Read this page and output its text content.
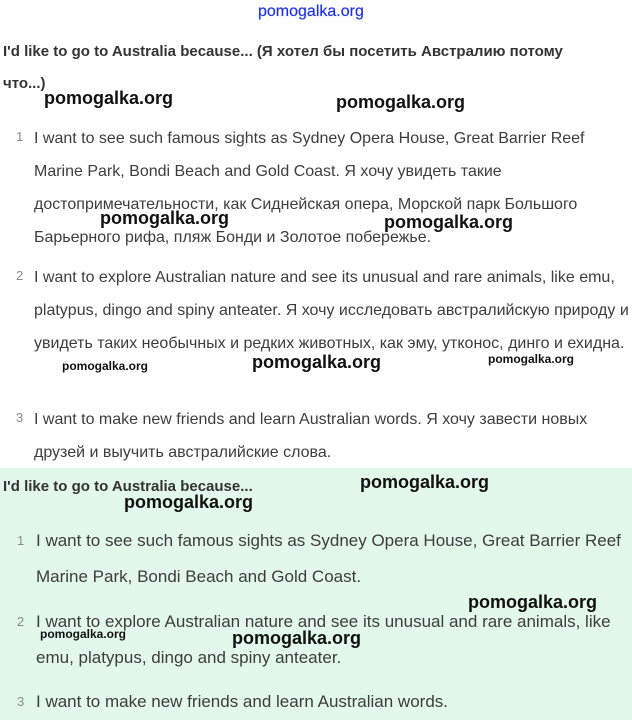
pomogalka.org
I'd like to go to Australia because... (Я хотел бы посетить Австралию потому что...)
1 I want to see such famous sights as Sydney Opera House, Great Barrier Reef Marine Park, Bondi Beach and Gold Coast. Я хочу увидеть такие достопримечательности, как Сиднейская опера, Морской парк Большого Барьерного рифа, пляж Бонди и Золотое побережье.
2 I want to explore Australian nature and see its unusual and rare animals, like emu, platypus, dingo and spiny anteater. Я хочу исследовать австралийскую природу и увидеть таких необычных и редких животных, как эму, утконос, динго и ехидна.
3 I want to make new friends and learn Australian words. Я хочу завести новых друзей и выучить австралийские слова.
I'd like to go to Australia because...
1 I want to see such famous sights as Sydney Opera House, Great Barrier Reef Marine Park, Bondi Beach and Gold Coast.
2 I want to explore Australian nature and see its unusual and rare animals, like emu, platypus, dingo and spiny anteater.
3 I want to make new friends and learn Australian words.
pomogalka.org	pomogalka.org
pomogalka.org	pomogalka.org
pomogalka.org	pomogalka.org	pomogalka.org
pomogalka.org
pomogalka.org
pomogalka.org
pomogalka.org	pomogalka.org
